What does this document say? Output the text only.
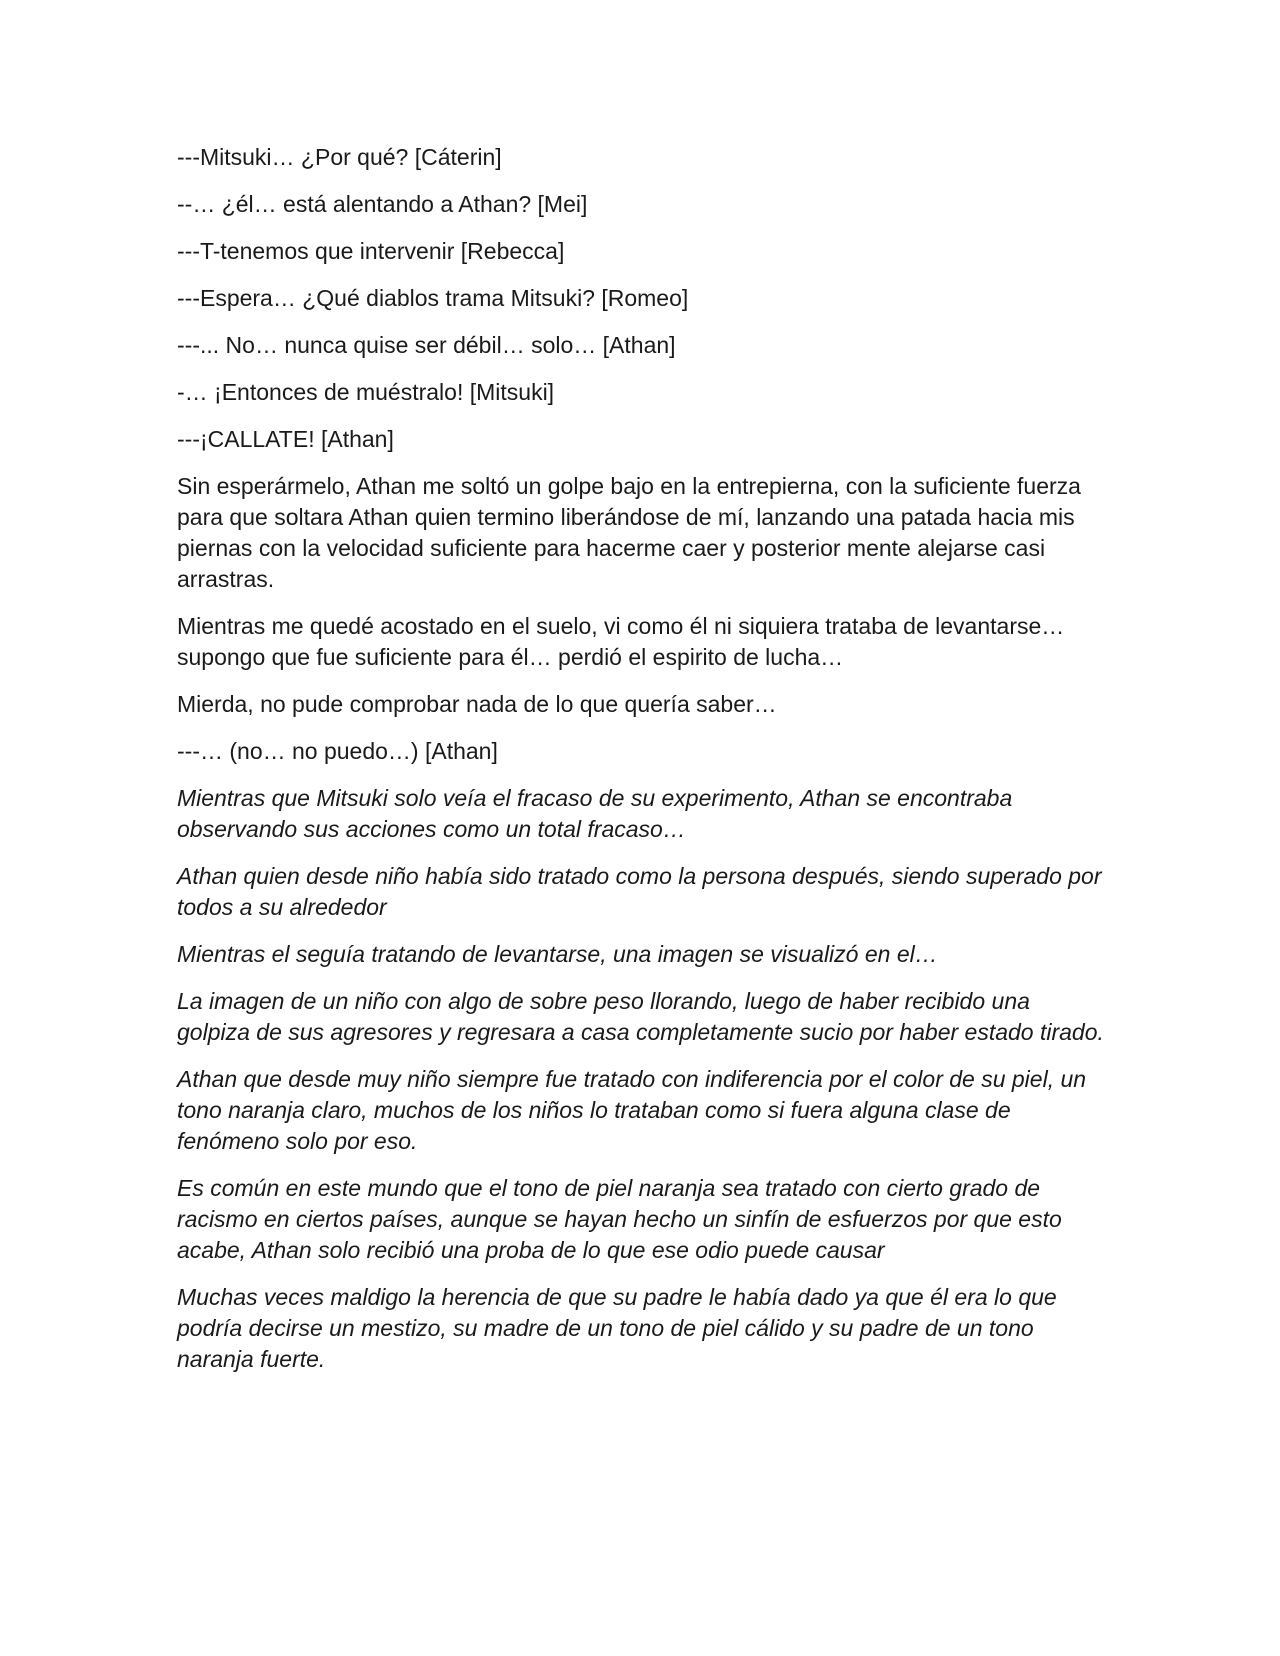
---Mitsuki… ¿Por qué? [Cáterin]

--… ¿él… está alentando a Athan? [Mei]

---T-tenemos que intervenir [Rebecca]

---Espera… ¿Qué diablos trama Mitsuki? [Romeo]

---... No… nunca quise ser débil… solo… [Athan]

-… ¡Entonces de muéstralo! [Mitsuki]

---¡CALLATE! [Athan]

Sin esperármelo, Athan me soltó un golpe bajo en la entrepierna, con la suficiente fuerza para que soltara Athan quien termino liberándose de mí, lanzando una patada hacia mis piernas con la velocidad suficiente para hacerme caer y posterior mente alejarse casi arrastras.

Mientras me quedé acostado en el suelo, vi como él ni siquiera trataba de levantarse… supongo que fue suficiente para él… perdió el espirito de lucha…

Mierda, no pude comprobar nada de lo que quería saber…

---… (no… no puedo…) [Athan]

Mientras que Mitsuki solo veía el fracaso de su experimento, Athan se encontraba observando sus acciones como un total fracaso…

Athan quien desde niño había sido tratado como la persona después, siendo superado por todos a su alrededor

Mientras el seguía tratando de levantarse, una imagen se visualizó en el…

La imagen de un niño con algo de sobre peso llorando, luego de haber recibido una golpiza de sus agresores y regresara a casa completamente sucio por haber estado tirado.

Athan que desde muy niño siempre fue tratado con indiferencia por el color de su piel, un tono naranja claro, muchos de los niños lo trataban como si fuera alguna clase de fenómeno solo por eso.

Es común en este mundo que el tono de piel naranja sea tratado con cierto grado de racismo en ciertos países, aunque se hayan hecho un sinfín de esfuerzos por que esto acabe, Athan solo recibió una proba de lo que ese odio puede causar

Muchas veces maldigo la herencia de que su padre le había dado ya que él era lo que podría decirse un mestizo, su madre de un tono de piel cálido y su padre de un tono naranja fuerte.
